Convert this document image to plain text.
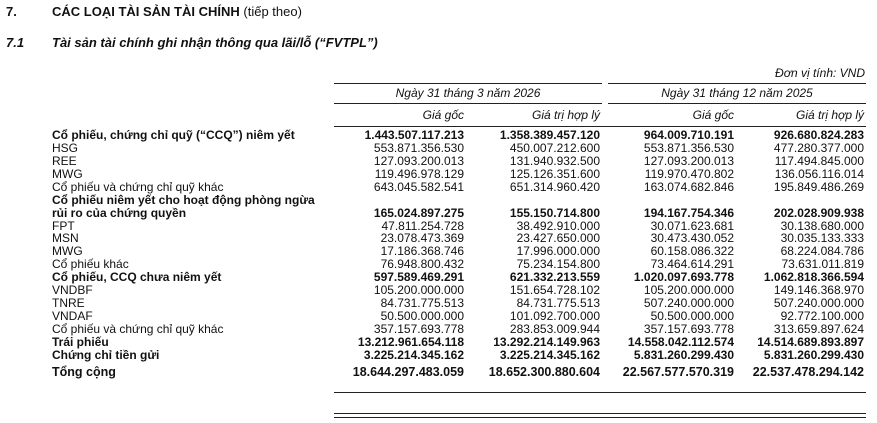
7.	CÁC LOẠI TÀI SẢN TÀI CHÍNH (tiếp theo)
7.1 Tài sản tài chính ghi nhận thông qua lãi/lỗ (“FVTPL”)
Đơn vị tính: VND
Ngày 31 tháng 3 năm 2026	Ngày 31 tháng 12 năm 2025
Giá gốc	Giá trị hợp lý	Giá gốc	Giá trị hợp lý
Cổ phiếu, chứng chỉ quỹ (“CCQ”) niêm yết	1.443.507.117.213	1.358.389.457.120	964.009.710.191	926.680.824.283
HSG	553.871.356.530	450.007.212.600	553.871.356.530	477.280.377.000
REE	127.093.200.013	131.940.932.500	127.093.200.013	117.494.845.000
MWG	119.496.978.129	125.126.351.600	119.970.470.802	136.056.116.014
Cổ phiếu và chứng chỉ quỹ khác	643.045.582.541	651.314.960.420	163.074.682.846	195.849.486.269

Cổ phiếu niêm yết cho hoạt động phòng ngừa
rủi ro của chứng quyền	165.024.897.275	155.150.714.800	194.167.754.346	202.028.909.938
FPT	47.811.254.728	38.492.910.000	30.071.623.681	30.138.680.000
MSN	23.078.473.369	23.427.650.000	30.473.430.052	30.035.133.333
MWG	17.186.368.746	17.996.000.000	60.158.086.322	68.224.084.786
Cổ phiếu khác	76.948.800.432	75.234.154.800	73.464.614.291	73.631.011.819
Cổ phiếu, CCQ chưa niêm yết	597.589.469.291	621.332.213.559	1.020.097.693.778	1.062.818.366.594
VNDBF	105.200.000.000	151.654.728.102	105.200.000.000	149.146.368.970
TNRE	84.731.775.513	84.731.775.513	507.240.000.000	507.240.000.000
VNDAF	50.500.000.000	101.092.700.000	50.500.000.000	92.772.100.000
Cổ phiếu và chứng chỉ quỹ khác	357.157.693.778	283.853.009.944	357.157.693.778	313.659.897.624
Trái phiếu	13.212.961.654.118	13.292.214.149.963	14.558.042.112.574	14.514.689.893.897
Chứng chỉ tiền gửi	3.225.214.345.162	3.225.214.345.162	5.831.260.299.430	5.831.260.299.430
Tổng cộng	18.644.297.483.059	18.652.300.880.604	22.567.577.570.319	22.537.478.294.142
